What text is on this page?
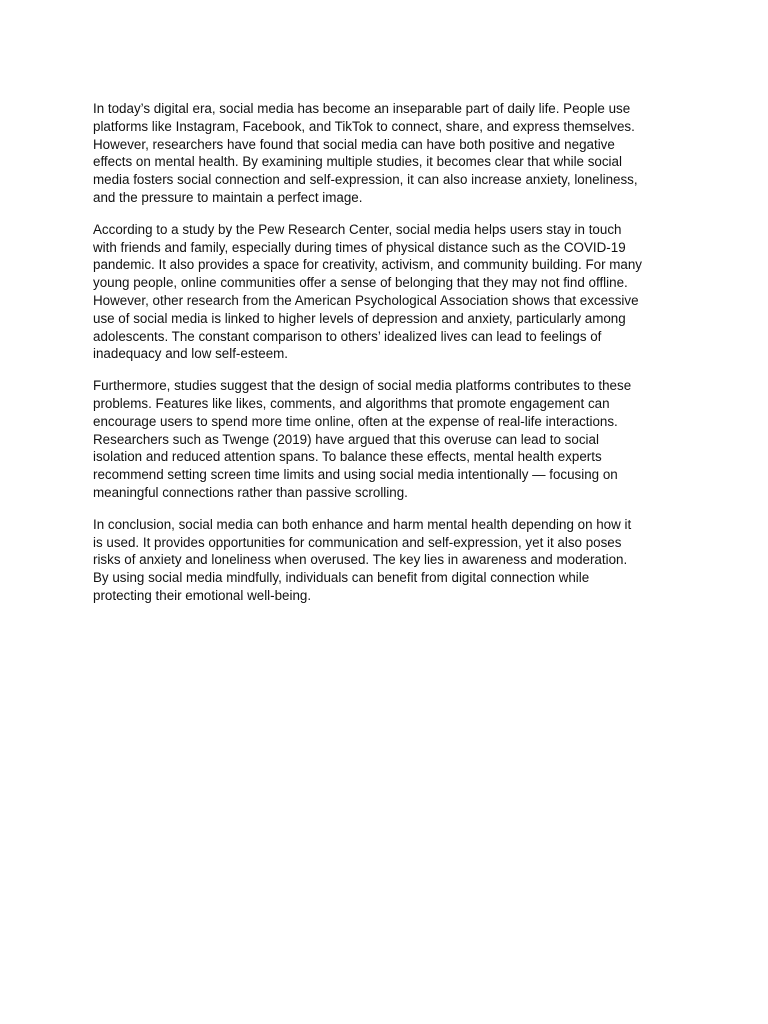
In today’s digital era, social media has become an inseparable part of daily life. People use
platforms like Instagram, Facebook, and TikTok to connect, share, and express themselves.
However, researchers have found that social media can have both positive and negative
effects on mental health. By examining multiple studies, it becomes clear that while social
media fosters social connection and self-expression, it can also increase anxiety, loneliness,
and the pressure to maintain a perfect image.

According to a study by the Pew Research Center, social media helps users stay in touch
with friends and family, especially during times of physical distance such as the COVID-19
pandemic. It also provides a space for creativity, activism, and community building. For many
young people, online communities offer a sense of belonging that they may not find offline.
However, other research from the American Psychological Association shows that excessive
use of social media is linked to higher levels of depression and anxiety, particularly among
adolescents. The constant comparison to others’ idealized lives can lead to feelings of
inadequacy and low self-esteem.

Furthermore, studies suggest that the design of social media platforms contributes to these
problems. Features like likes, comments, and algorithms that promote engagement can
encourage users to spend more time online, often at the expense of real-life interactions.
Researchers such as Twenge (2019) have argued that this overuse can lead to social
isolation and reduced attention spans. To balance these effects, mental health experts
recommend setting screen time limits and using social media intentionally — focusing on
meaningful connections rather than passive scrolling.

In conclusion, social media can both enhance and harm mental health depending on how it
is used. It provides opportunities for communication and self-expression, yet it also poses
risks of anxiety and loneliness when overused. The key lies in awareness and moderation.
By using social media mindfully, individuals can benefit from digital connection while
protecting their emotional well-being.
